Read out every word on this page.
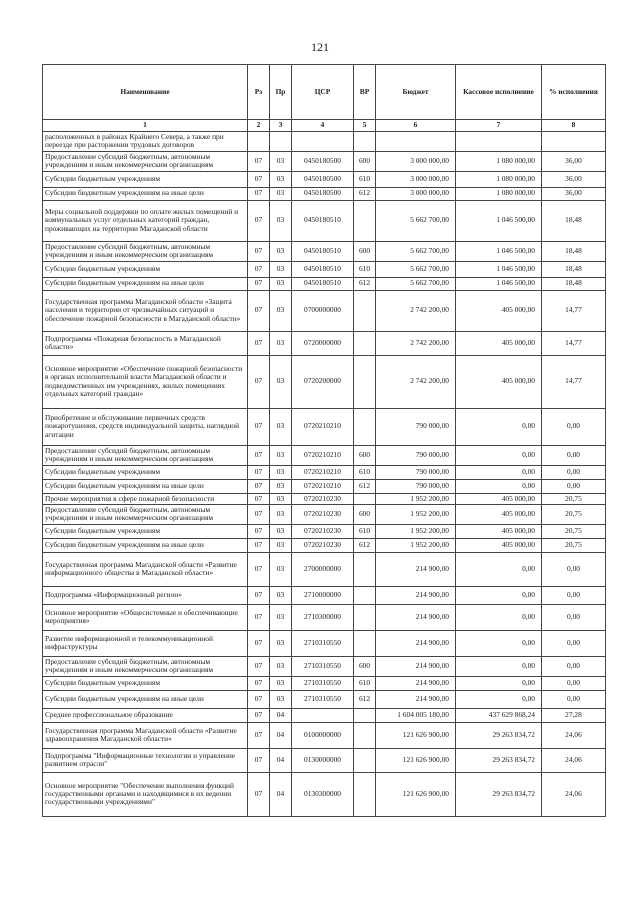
121
Наименование	Рз	Пр	ЦСР	ВР	Бюджет	Кассовое исполнение	% исполнения
1	2	3	4	5	6	7	8
расположенных в районах Крайнего Севера, а также при переезде при расторжении трудовых договоров							
Предоставление субсидий бюджетным, автономным учреждениям и иным некоммерческим организациям	07	03	0450180500	600	3 000 000,00	1 080 000,00	36,00
Субсидии бюджетным учреждениям	07	03	0450180500	610	3 000 000,00	1 080 000,00	36,00
Субсидии бюджетным учреждениям на иные цели	07	03	0450180500	612	3 000 000,00	1 080 000,00	36,00
Меры социальной поддержки по оплате жилых помещений и коммунальных услуг отдельных категорий граждан, проживающих на территории Магаданской области	07	03	0450180510		5 662 700,00	1 046 500,00	18,48
Предоставление субсидий бюджетным, автономным учреждениям и иным некоммерческим организациям	07	03	0450180510	600	5 662 700,00	1 046 500,00	18,48
Субсидии бюджетным учреждениям	07	03	0450180510	610	5 662 700,00	1 046 500,00	18,48
Субсидии бюджетным учреждениям на иные цели	07	03	0450180510	612	5 662 700,00	1 046 500,00	18,48
Государственная программа Магаданской области «Защита населения и территории от чрезвычайных ситуаций и обеспечение пожарной безопасности в Магаданской области»	07	03	0700000000		2 742 200,00	405 000,00	14,77
Подпрограмма «Пожарная безопасность в Магаданской области»	07	03	0720000000		2 742 200,00	405 000,00	14,77
Основное мероприятие «Обеспечение пожарной безопасности в органах исполнительной власти Магаданской области и подведомственных им учреждениях, жилых помещениях отдельных категорий граждан»	07	03	0720200000		2 742 200,00	405 000,00	14,77
Приобретение и обслуживание первичных средств пожаротушения, средств индивидуальной защиты, наглядной агитации	07	03	0720210210		790 000,00	0,00	0,00
Предоставление субсидий бюджетным, автономным учреждениям и иным некоммерческим организациям	07	03	0720210210	600	790 000,00	0,00	0,00
Субсидии бюджетным учреждениям	07	03	0720210210	610	790 000,00	0,00	0,00
Субсидии бюджетным учреждениям на иные цели	07	03	0720210210	612	790 000,00	0,00	0,00
Прочие мероприятия в сфере пожарной безопасности	07	03	0720210230		1 952 200,00	405 000,00	20,75
Предоставление субсидий бюджетным, автономным учреждениям и иным некоммерческим организациям	07	03	0720210230	600	1 952 200,00	405 000,00	20,75
Субсидии бюджетным учреждениям	07	03	0720210230	610	1 952 200,00	405 000,00	20,75
Субсидии бюджетным учреждениям на иные цели	07	03	0720210230	612	1 952 200,00	405 000,00	20,75
Государственная программа Магаданской области «Развитие информационного общества в Магаданской области»	07	03	2700000000		214 900,00	0,00	0,00
Подпрограмма «Информационный регион»	07	03	2710000000		214 900,00	0,00	0,00
Основное мероприятие «Общесистемные и обеспечивающие мероприятия»	07	03	2710300000		214 900,00	0,00	0,00
Развитие информационной и телекоммуникационной инфраструктуры	07	03	2710310550		214 900,00	0,00	0,00
Предоставление субсидий бюджетным, автономным учреждениям и иным некоммерческим организациям	07	03	2710310550	600	214 900,00	0,00	0,00
Субсидии бюджетным учреждениям	07	03	2710310550	610	214 900,00	0,00	0,00
Субсидии бюджетным учреждениям на иные цели	07	03	2710310550	612	214 900,00	0,00	0,00
Среднее профессиональное образование	07	04			1 604 005 180,00	437 629 868,24	27,28
Государственная программа Магаданской области «Развитие здравоохранения Магаданской области»	07	04	0100000000		121 626 900,00	29 263 834,72	24,06
Подпрограмма "Информационные технологии и управление развитием отрасли"	07	04	0130000000		121 626 900,00	29 263 834,72	24,06
Основное мероприятие "Обеспечение выполнения функций государственными органами и находящимися в их ведении государственными учреждениями"	07	04	0130300000		121 626 900,00	29 263 834,72	24,06
